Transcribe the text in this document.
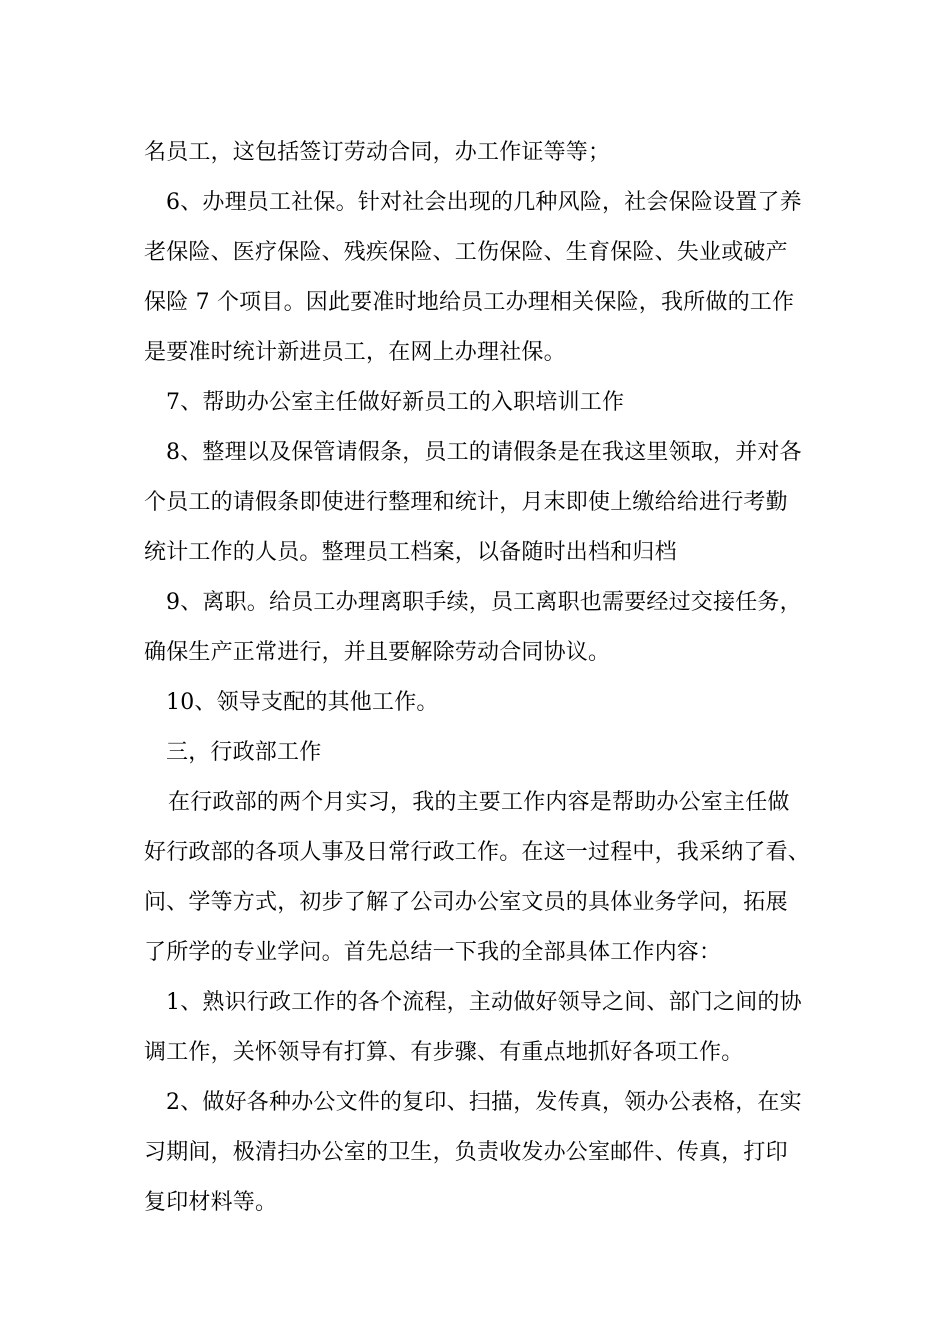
名员工，这包括签订劳动合同，办工作证等等；
6、办理员工社保。针对社会出现的几种风险，社会保险设置了养
老保险、医疗保险、残疾保险、工伤保险、生育保险、失业或破产
保险 7 个项目。因此要准时地给员工办理相关保险，我所做的工作
是要准时统计新进员工，在网上办理社保。
7、帮助办公室主任做好新员工的入职培训工作
8、整理以及保管请假条，员工的请假条是在我这里领取，并对各
个员工的请假条即使进行整理和统计，月末即使上缴给给进行考勤
统计工作的人员。整理员工档案，以备随时出档和归档
9、离职。给员工办理离职手续，员工离职也需要经过交接任务，
确保生产正常进行，并且要解除劳动合同协议。
10、领导支配的其他工作。
三，行政部工作
在行政部的两个月实习，我的主要工作内容是帮助办公室主任做
好行政部的各项人事及日常行政工作。在这一过程中，我采纳了看、
问、学等方式，初步了解了公司办公室文员的具体业务学问，拓展
了所学的专业学问。首先总结一下我的全部具体工作内容：
1、熟识行政工作的各个流程，主动做好领导之间、部门之间的协
调工作，关怀领导有打算、有步骤、有重点地抓好各项工作。
2、做好各种办公文件的复印、扫描，发传真，领办公表格，在实
习期间，极清扫办公室的卫生，负责收发办公室邮件、传真，打印
复印材料等。
